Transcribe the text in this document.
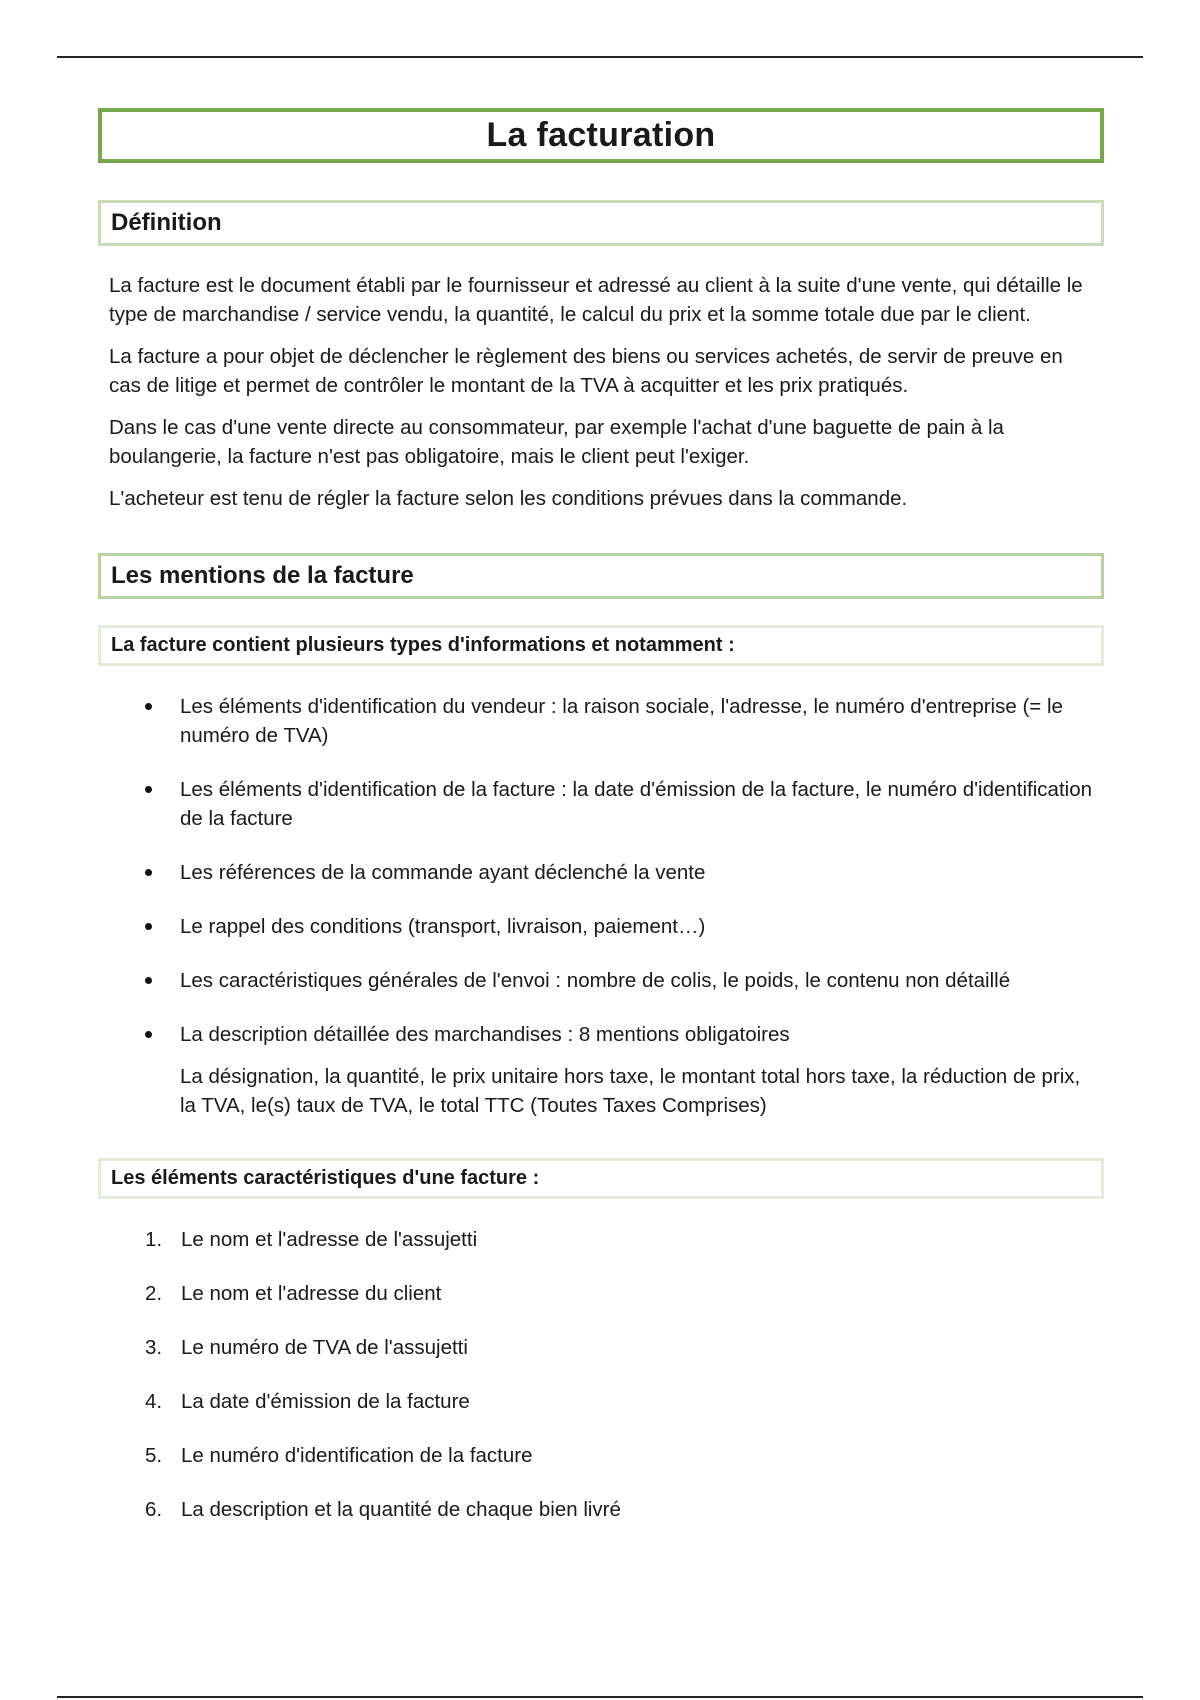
La facturation
Définition

La facture est le document établi par le fournisseur et adressé au client à la suite d'une vente, qui détaille le type de marchandise / service vendu, la quantité, le calcul du prix et la somme totale due par le client.

La facture a pour objet de déclencher le règlement des biens ou services achetés, de servir de preuve en cas de litige et permet de contrôler le montant de la TVA à acquitter et les prix pratiqués.

Dans le cas d'une vente directe au consommateur, par exemple l'achat d'une baguette de pain à la boulangerie, la facture n'est pas obligatoire, mais le client peut l'exiger.

L'acheteur est tenu de régler la facture selon les conditions prévues dans la commande.

Les mentions de la facture
La facture contient plusieurs types d'informations et notamment :
Les éléments d'identification du vendeur : la raison sociale, l'adresse, le numéro d'entreprise (= le numéro de TVA)
Les éléments d'identification de la facture : la date d'émission de la facture, le numéro d'identification de la facture
Les références de la commande ayant déclenché la vente
Le rappel des conditions (transport, livraison, paiement…)
Les caractéristiques générales de l'envoi : nombre de colis, le poids, le contenu non détaillé
La description détaillée des marchandises : 8 mentions obligatoires
La désignation, la quantité, le prix unitaire hors taxe, le montant total hors taxe, la réduction de prix, la TVA, le(s) taux de TVA, le total TTC (Toutes Taxes Comprises)
Les éléments caractéristiques d'une facture :
1. Le nom et l'adresse de l'assujetti
2. Le nom et l'adresse du client
3. Le numéro de TVA de l'assujetti
4. La date d'émission de la facture
5. Le numéro d'identification de la facture
6. La description et la quantité de chaque bien livré
